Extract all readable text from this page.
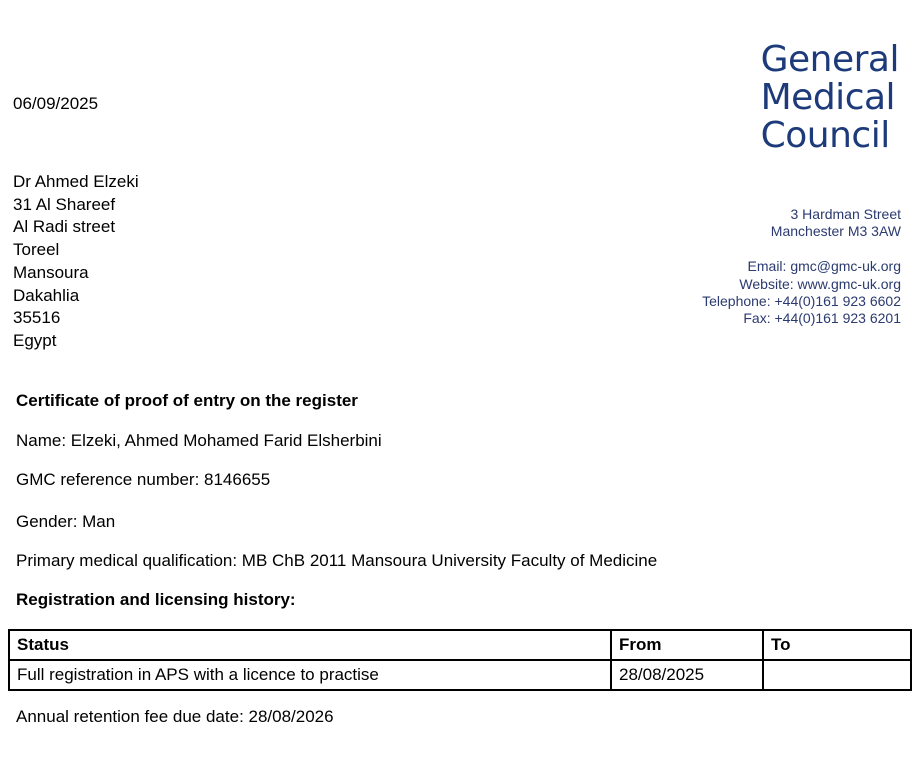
06/09/2025
General
Medical
Council
Dr Ahmed Elzeki
31 Al Shareef
Al Radi street
Toreel
Mansoura
Dakahlia
35516
Egypt
3 Hardman Street
Manchester M3 3AW
Email: gmc@gmc-uk.org
Website: www.gmc-uk.org
Telephone: +44(0)161 923 6602
Fax: +44(0)161 923 6201
Certificate of proof of entry on the register
Name: Elzeki, Ahmed Mohamed Farid Elsherbini
GMC reference number: 8146655
Gender: Man
Primary medical qualification: MB ChB 2011 Mansoura University Faculty of Medicine
Registration and licensing history:
Status	From	To
Full registration in APS with a licence to practise	28/08/2025	
Annual retention fee due date: 28/08/2026
